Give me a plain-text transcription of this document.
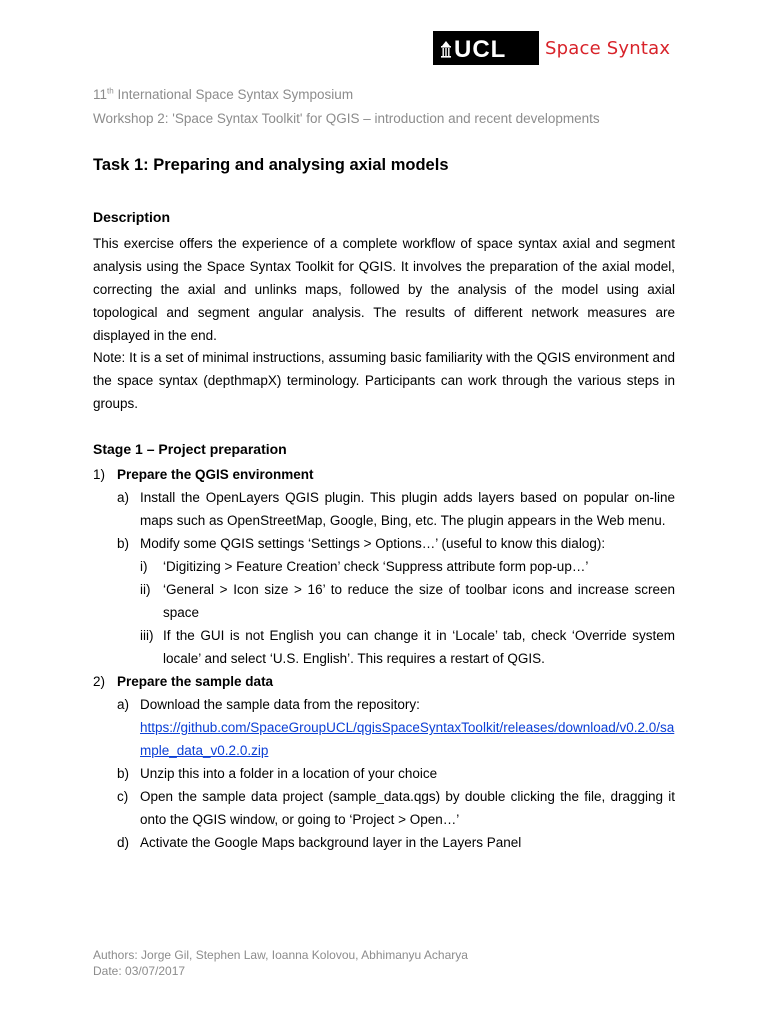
UCL Space Syntax
11th International Space Syntax Symposium
Workshop 2: 'Space Syntax Toolkit' for QGIS – introduction and recent developments
Task 1: Preparing and analysing axial models
Description
This exercise offers the experience of a complete workflow of space syntax axial and segment analysis using the Space Syntax Toolkit for QGIS. It involves the preparation of the axial model, correcting the axial and unlinks maps, followed by the analysis of the model using axial topological and segment angular analysis. The results of different network measures are displayed in the end.
Note: It is a set of minimal instructions, assuming basic familiarity with the QGIS environment and the space syntax (depthmapX) terminology. Participants can work through the various steps in groups.
Stage 1 – Project preparation
1) Prepare the QGIS environment
a) Install the OpenLayers QGIS plugin. This plugin adds layers based on popular on-line maps such as OpenStreetMap, Google, Bing, etc. The plugin appears in the Web menu.
b) Modify some QGIS settings ‘Settings > Options…’ (useful to know this dialog):
i)	‘Digitizing > Feature Creation’ check ‘Suppress attribute form pop-up…’
ii) ‘General > Icon size > 16’ to reduce the size of toolbar icons and increase screen space
iii) If the GUI is not English you can change it in ‘Locale’ tab, check ‘Override system locale’ and select ‘U.S. English’. This requires a restart of QGIS.
2) Prepare the sample data
a) Download the sample data from the repository:
https://github.com/SpaceGroupUCL/qgisSpaceSyntaxToolkit/releases/download/v0.2.0/sample_data_v0.2.0.zip
b) Unzip this into a folder in a location of your choice
c) Open the sample data project (sample_data.qgs) by double clicking the file, dragging it onto the QGIS window, or going to ‘Project > Open…’
d) Activate the Google Maps background layer in the Layers Panel
Authors: Jorge Gil, Stephen Law, Ioanna Kolovou, Abhimanyu Acharya
Date: 03/07/2017
